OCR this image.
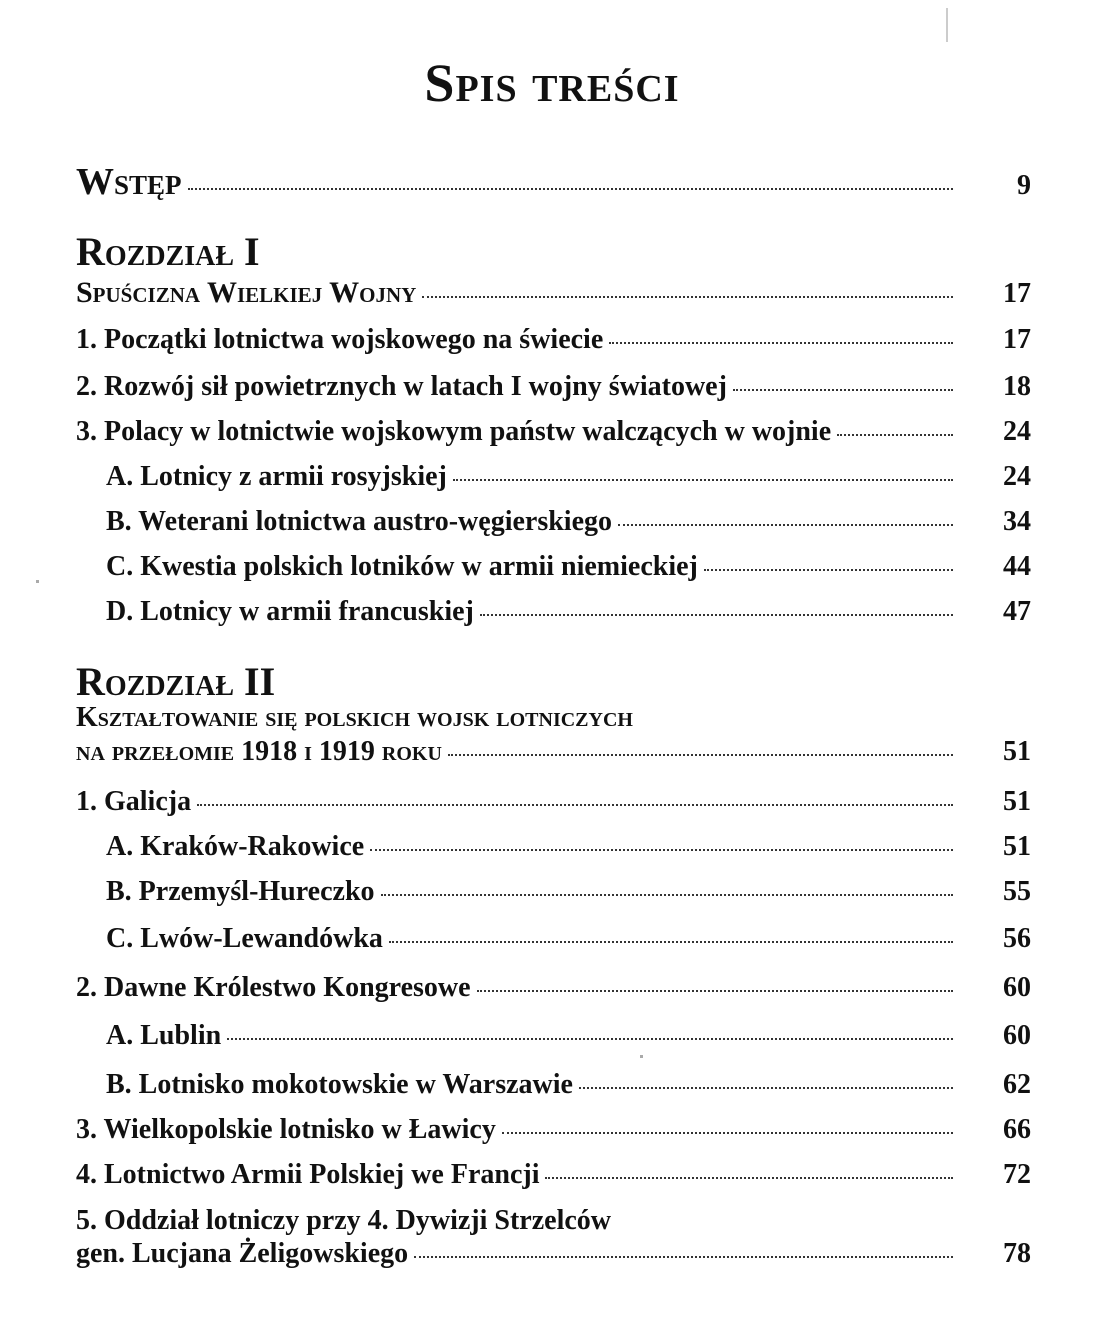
Spis treści
Wstęp	9
Rozdział I
Spuścizna Wielkiej Wojny	17
1. Początki lotnictwa wojskowego na świecie	17
2. Rozwój sił powietrznych w latach I wojny światowej	18
3. Polacy w lotnictwie wojskowym państw walczących w wojnie	24
A. Lotnicy z armii rosyjskiej	24
B. Weterani lotnictwa austro-węgierskiego	34
C. Kwestia polskich lotników w armii niemieckiej	44
D. Lotnicy w armii francuskiej	47
Rozdział II
Kształtowanie się polskich wojsk lotniczych
na przełomie 1918 i 1919 roku	51
1. Galicja	51
A. Kraków-Rakowice	51
B. Przemyśl-Hureczko	55
C. Lwów-Lewandówka	56
2. Dawne Królestwo Kongresowe	60
A. Lublin	60
B. Lotnisko mokotowskie w Warszawie	62
3. Wielkopolskie lotnisko w Ławicy	66
4. Lotnictwo Armii Polskiej we Francji	72
5. Oddział lotniczy przy 4. Dywizji Strzelców
gen. Lucjana Żeligowskiego	78
